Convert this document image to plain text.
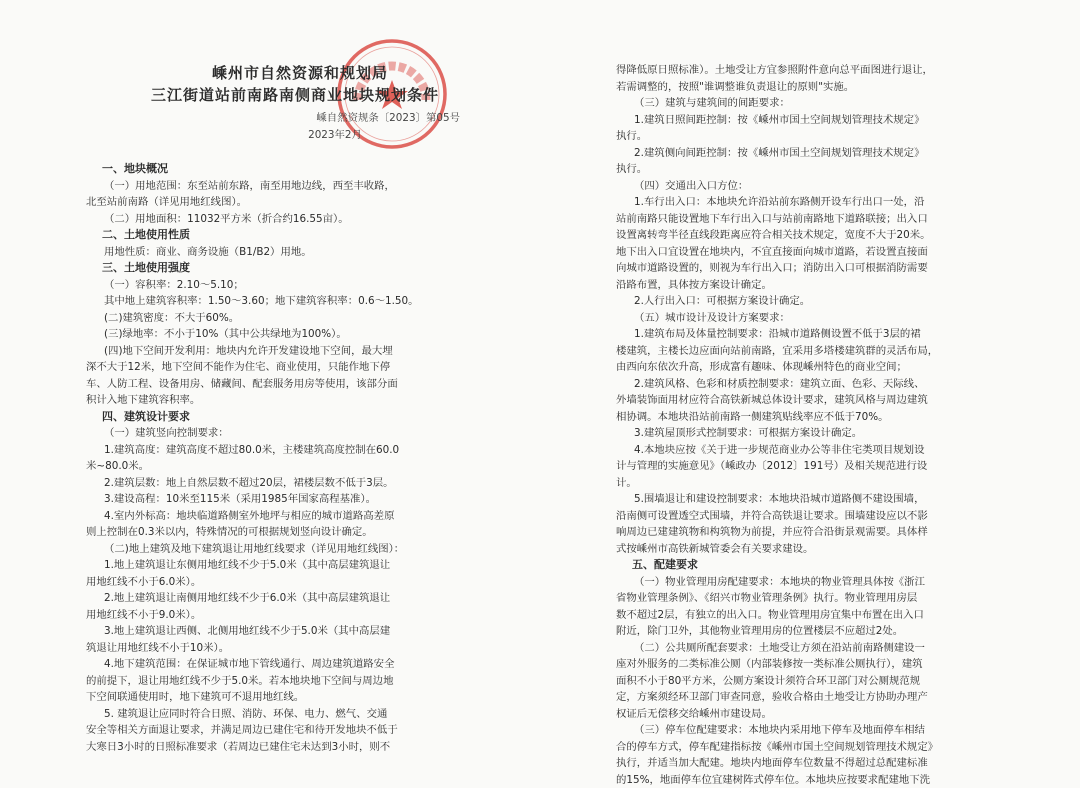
嵊州市自然资源和规划局
三江街道站前南路南侧商业地块规划条件
嵊自然资规条〔2023〕第05号
2023年2月
一、地块概况
（一）用地范围：东至站前东路，南至用地边线，西至丰收路，
北至站前南路（详见用地红线图）。
（二）用地面积：11032平方米（折合约16.55亩）。
二、土地使用性质
用地性质：商业、商务设施（B1/B2）用地。
三、土地使用强度
（一）容积率：2.10～5.10；
其中地上建筑容积率：1.50～3.60；地下建筑容积率：0.6～1.50。
(二)建筑密度：不大于60%。
(三)绿地率：不小于10%（其中公共绿地为100%）。
(四)地下空间开发利用：地块内允许开发建设地下空间，最大埋
深不大于12米，地下空间不能作为住宅、商业使用，只能作地下停
车、人防工程、设备用房、储藏间、配套服务用房等使用，该部分面
积计入地下建筑容积率。
四、建筑设计要求
（一）建筑竖向控制要求：
1.建筑高度：建筑高度不超过80.0米，主楼建筑高度控制在60.0
米~80.0米。
2.建筑层数：地上自然层数不超过20层，裙楼层数不低于3层。
3.建设高程：10米至115米（采用1985年国家高程基准）。
4.室内外标高：地块临道路侧室外地坪与相应的城市道路高差原
则上控制在0.3米以内，特殊情况的可根据规划竖向设计确定。
（二)地上建筑及地下建筑退让用地红线要求（详见用地红线图）：
1.地上建筑退让东侧用地红线不少于5.0米（其中高层建筑退让
用地红线不小于6.0米）。
2.地上建筑退让南侧用地红线不少于6.0米（其中高层建筑退让
用地红线不小于9.0米）。
3.地上建筑退让西侧、北侧用地红线不少于5.0米（其中高层建
筑退让用地红线不小于10米）。
4.地下建筑范围：在保证城市地下管线通行、周边建筑道路安全
的前提下，退让用地红线不少于5.0米。若本地块地下空间与周边地
下空间联通使用时，地下建筑可不退用地红线。
5. 建筑退让应同时符合日照、消防、环保、电力、燃气、交通
安全等相关方面退让要求，并满足周边已建住宅和待开发地块不低于
大寒日3小时的日照标准要求（若周边已建住宅未达到3小时，则不
得降低原日照标准）。土地受让方宜参照附件意向总平面图进行退让，
若需调整的，按照"谁调整谁负责退让的原则"实施。
（三）建筑与建筑间的间距要求：
1.建筑日照间距控制：按《嵊州市国土空间规划管理技术规定》
执行。
2.建筑侧向间距控制：按《嵊州市国土空间规划管理技术规定》
执行。
（四）交通出入口方位：
1.车行出入口：本地块允许沿站前东路侧开设车行出口一处，沿
站前南路只能设置地下车行出入口与站前南路地下道路联接；出入口
设置离转弯半径直线段距离应符合相关技术规定，宽度不大于20米。
地下出入口宜设置在地块内，不宜直接面向城市道路，若设置直接面
向城市道路设置的，则视为车行出入口；消防出入口可根据消防需要
沿路布置，具体按方案设计确定。
2.人行出入口：可根据方案设计确定。
（五）城市设计及设计方案要求：
1.建筑布局及体量控制要求：沿城市道路侧设置不低于3层的裙
楼建筑，主楼长边应面向站前南路，宜采用多塔楼建筑群的灵活布局，
由西向东依次升高，形成富有趣味、体现嵊州特色的商业空间；
2.建筑风格、色彩和材质控制要求：建筑立面、色彩、天际线、
外墙装饰面用材应符合高铁新城总体设计要求，建筑风格与周边建筑
相协调。本地块沿站前南路一侧建筑贴线率应不低于70%。
3.建筑屋顶形式控制要求：可根据方案设计确定。
4.本地块应按《关于进一步规范商业办公等非住宅类项目规划设
计与管理的实施意见》（嵊政办〔2012〕191号）及相关规范进行设
计。
5.围墙退让和建设控制要求：本地块沿城市道路侧不建设围墙，
沿南侧可设置透空式围墙，并符合高铁退让要求。围墙建设应以不影
响周边已建建筑物和构筑物为前提，并应符合沿街景观需要。具体样
式按嵊州市高铁新城管委会有关要求建设。
五、配建要求
（一）物业管理用房配建要求：本地块的物业管理具体按《浙江
省物业管理条例》、《绍兴市物业管理条例》执行。物业管理用房层
数不超过2层，有独立的出入口。物业管理用房宜集中布置在出入口
附近，除门卫外，其他物业管理用房的位置楼层不应超过2处。
（二）公共厕所配套要求：土地受让方须在沿站前南路侧建设一
座对外服务的二类标准公厕（内部装修按一类标准公厕执行），建筑
面积不小于80平方米，公厕方案设计须符合环卫部门对公厕规范规
定，方案须经环卫部门审查同意，验收合格由土地受让方协助办理产
权证后无偿移交给嵊州市建设局。
（三）停车位配建要求：本地块内采用地下停车及地面停车相结
合的停车方式，停车配建指标按《嵊州市国土空间规划管理技术规定》
执行，并适当加大配建。地块内地面停车位数量不得超过总配建标准
的15%，地面停车位宜建树阵式停车位。本地块应按要求配建地下洗
